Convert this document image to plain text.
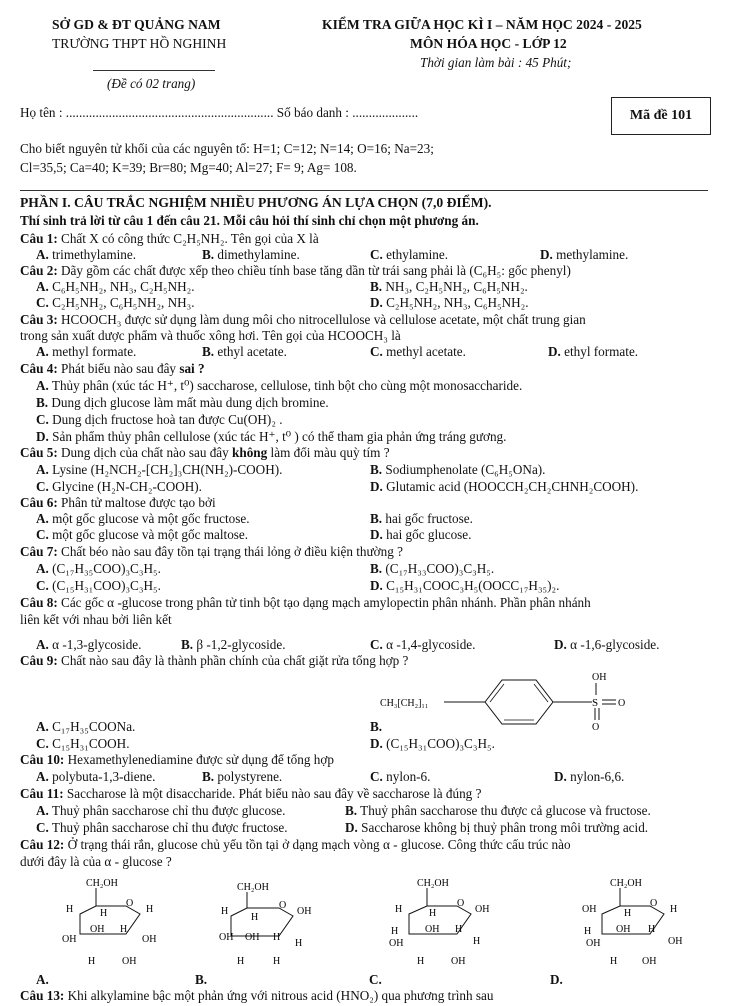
SỞ GD & ĐT QUẢNG NAM
TRƯỜNG THPT HỒ NGHINH
(Đề có 02 trang)
KIỂM TRA GIỮA HỌC KÌ I – NĂM HỌC 2024 - 2025
MÔN HÓA HỌC - LỚP 12
Thời gian làm bài : 45 Phút;
Họ tên : ............................................................... Số báo danh : ....................	Mã đề 101
Cho biết nguyên tử khối của các nguyên tố: H=1; C=12; N=14; O=16; Na=23;
Cl=35,5; Ca=40; K=39; Br=80; Mg=40; Al=27; F= 9; Ag= 108.
PHẦN I. CÂU TRẮC NGHIỆM NHIỀU PHƯƠNG ÁN LỰA CHỌN (7,0 ĐIỂM).
Thí sinh trả lời từ câu 1 đến câu 21. Mỗi câu hỏi thí sinh chỉ chọn một phương án.
Câu 1: Chất X có công thức C₂H₅NH₂. Tên gọi của X là
A. trimethylamine.	B. dimethylamine.	C. ethylamine.	D. methylamine.
Câu 2: Dãy gồm các chất được xếp theo chiều tính base tăng dần từ trái sang phải là (C₆H₅: gốc phenyl)
A. C₆H₅NH₂, NH₃, C₂H₅NH₂.	B. NH₃, C₂H₅NH₂, C₆H₅NH₂.
C. C₂H₅NH₂, C₆H₅NH₂, NH₃.	D. C₂H₅NH₂, NH₃, C₆H₅NH₂.
Câu 3: HCOOCH₃ được sử dụng làm dung môi cho nitrocellulose và cellulose acetate, một chất trung gian
trong sản xuất dược phẩm và thuốc xông hơi. Tên gọi của HCOOCH₃ là
A. methyl formate.	B. ethyl acetate.	C. methyl acetate.	D. ethyl formate.
Câu 4: Phát biểu nào sau đây sai ?
A. Thủy phân (xúc tác H⁺, t⁰) saccharose, cellulose, tinh bột cho cùng một monosaccharide.
B. Dung dịch glucose làm mất màu dung dịch bromine.
C. Dung dịch fructose hoà tan được Cu(OH)₂ .
D. Sản phẩm thủy phân cellulose (xúc tác H⁺, t⁰ ) có thể tham gia phản ứng tráng gương.
Câu 5: Dung dịch của chất nào sau đây không làm đổi màu quỳ tím ?
A. Lysine (H₂NCH₂-[CH₂]₃CH(NH₂)-COOH).	B. Sodiumphenolate (C₆H₅ONa).
C. Glycine (H₂N-CH₂-COOH).	D. Glutamic acid (HOOCCH₂CH₂CHNH₂COOH).
Câu 6: Phân tử maltose được tạo bởi
A. một gốc glucose và một gốc fructose.	B. hai gốc fructose.
C. một gốc glucose và một gốc maltose.	D. hai gốc glucose.
Câu 7: Chất béo nào sau đây tồn tại trạng thái lỏng ở điều kiện thường ?
A. (C₁₇H₃₅COO)₃C₃H₅.	B. (C₁₇H₃₃COO)₃C₃H₅.
C. (C₁₅H₃₁COO)₃C₃H₅.	D. C₁₅H₃₁COOC₃H₅(OOCC₁₇H₃₅)₂.
Câu 8: Các gốc α -glucose trong phân tử tinh bột tạo dạng mạch amylopectin phân nhánh. Phần phân nhánh
liên kết với nhau bởi liên kết
A. α -1,3-glycoside.	B. β -1,2-glycoside.	C. α -1,4-glycoside.	D. α -1,6-glycoside.
Câu 9: Chất nào sau đây là thành phần chính của chất giặt rửa tổng hợp ?
CH₃[CH₂]₁₁	S
OH
O
O
A. C₁₇H₃₅COONa.	B.
C. C₁₅H₃₁COOH.	D. (C₁₅H₃₁COO)₃C₃H₅.
Câu 10: Hexamethylenediamine được sử dụng để tổng hợp
A. polybuta-1,3-diene.	B. polystyrene.	C. nylon-6.	D. nylon-6,6.
Câu 11: Saccharose là một disaccharide. Phát biểu nào sau đây về saccharose là đúng ?
A. Thuỷ phân saccharose chỉ thu được glucose.	B. Thuỷ phân saccharose thu được cả glucose và fructose.
C. Thuỷ phân saccharose chỉ thu được fructose.	D. Saccharose không bị thuỷ phân trong môi trường acid.
Câu 12: Ở trạng thái rắn, glucose chủ yếu tồn tại ở dạng mạch vòng α - glucose. Công thức cấu trúc nào
dưới đây là của α - glucose ?
A.
CH₂OH
O
H	H	H
OH H
OH	OH
H	OH
B.
CH₂OH
O
H	OH
H
OH OH H
H
H	H
C.
CH₂OH
O
H	OH
H
H	OH H
OH	H
H	OH
D.
CH₂OH
O
OH	H
H
H OH H
OH	OH
H OH
Câu 13: Khi alkylamine bậc một phản ứng với nitrous acid (HNO₂) qua phương trình sau
